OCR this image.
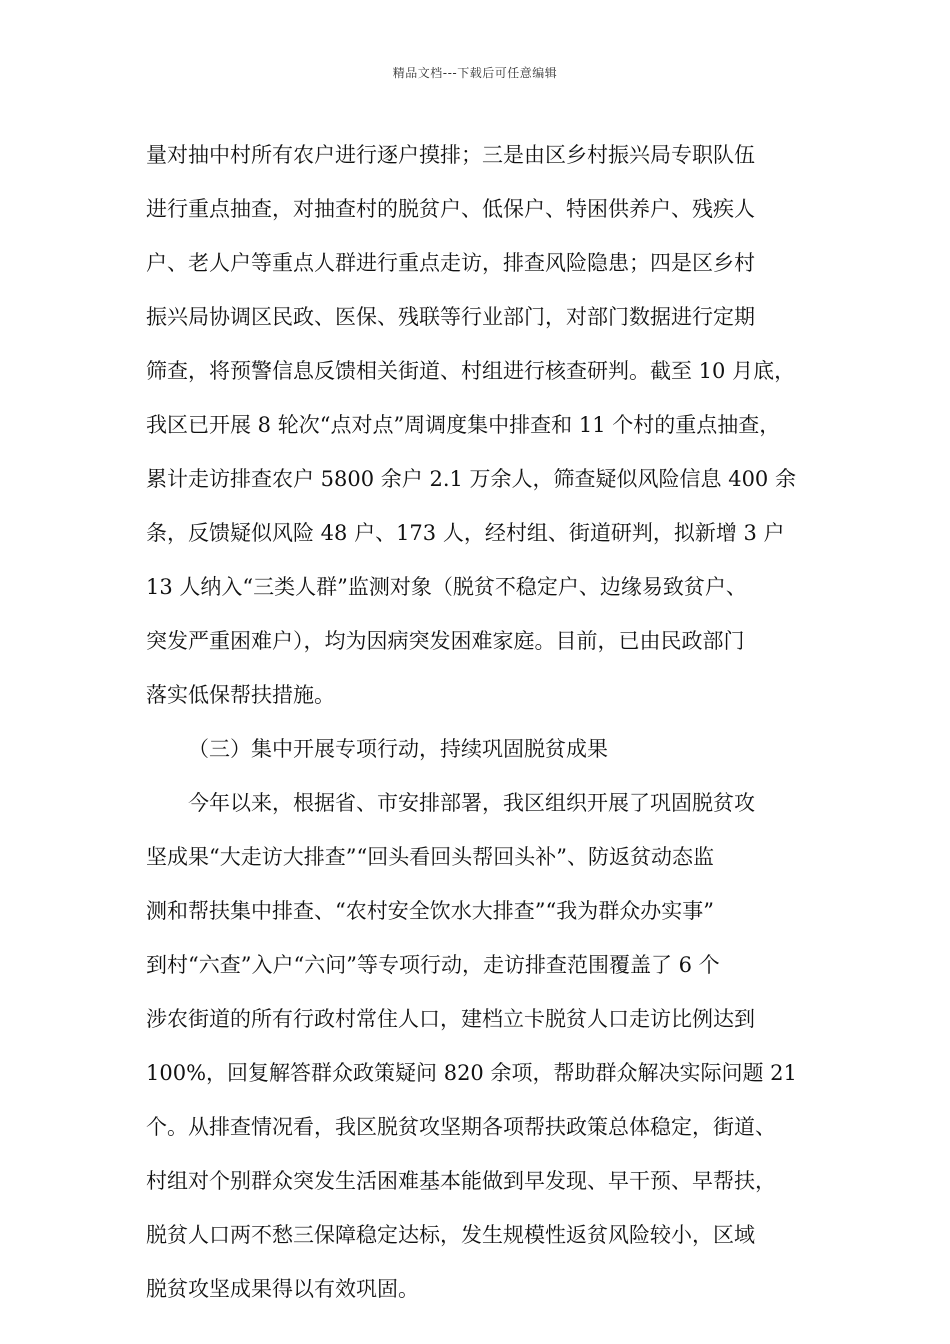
精品文档---下载后可任意编辑
量对抽中村所有农户进行逐户摸排；三是由区乡村振兴局专职队伍
进行重点抽查，对抽查村的脱贫户、低保户、特困供养户、残疾人
户、老人户等重点人群进行重点走访，排查风险隐患；四是区乡村
振兴局协调区民政、医保、残联等行业部门，对部门数据进行定期
筛查，将预警信息反馈相关街道、村组进行核查研判。截至 10 月底，
我区已开展 8 轮次“点对点”周调度集中排查和 11 个村的重点抽查，
累计走访排查农户 5800 余户 2.1 万余人，筛查疑似风险信息 400 余
条，反馈疑似风险 48 户、173 人，经村组、街道研判，拟新增 3 户
13 人纳入“三类人群”监测对象（脱贫不稳定户、边缘易致贫户、
突发严重困难户），均为因病突发困难家庭。目前，已由民政部门
落实低保帮扶措施。
（三）集中开展专项行动，持续巩固脱贫成果
今年以来，根据省、市安排部署，我区组织开展了巩固脱贫攻
坚成果“大走访大排查”“回头看回头帮回头补”、防返贫动态监
测和帮扶集中排查、“农村安全饮水大排查”“我为群众办实事”
到村“六查”入户“六问”等专项行动，走访排查范围覆盖了 6 个
涉农街道的所有行政村常住人口，建档立卡脱贫人口走访比例达到
100%，回复解答群众政策疑问 820 余项，帮助群众解决实际问题 21
个。从排查情况看，我区脱贫攻坚期各项帮扶政策总体稳定，街道、
村组对个别群众突发生活困难基本能做到早发现、早干预、早帮扶，
脱贫人口两不愁三保障稳定达标，发生规模性返贫风险较小，区域
脱贫攻坚成果得以有效巩固。
